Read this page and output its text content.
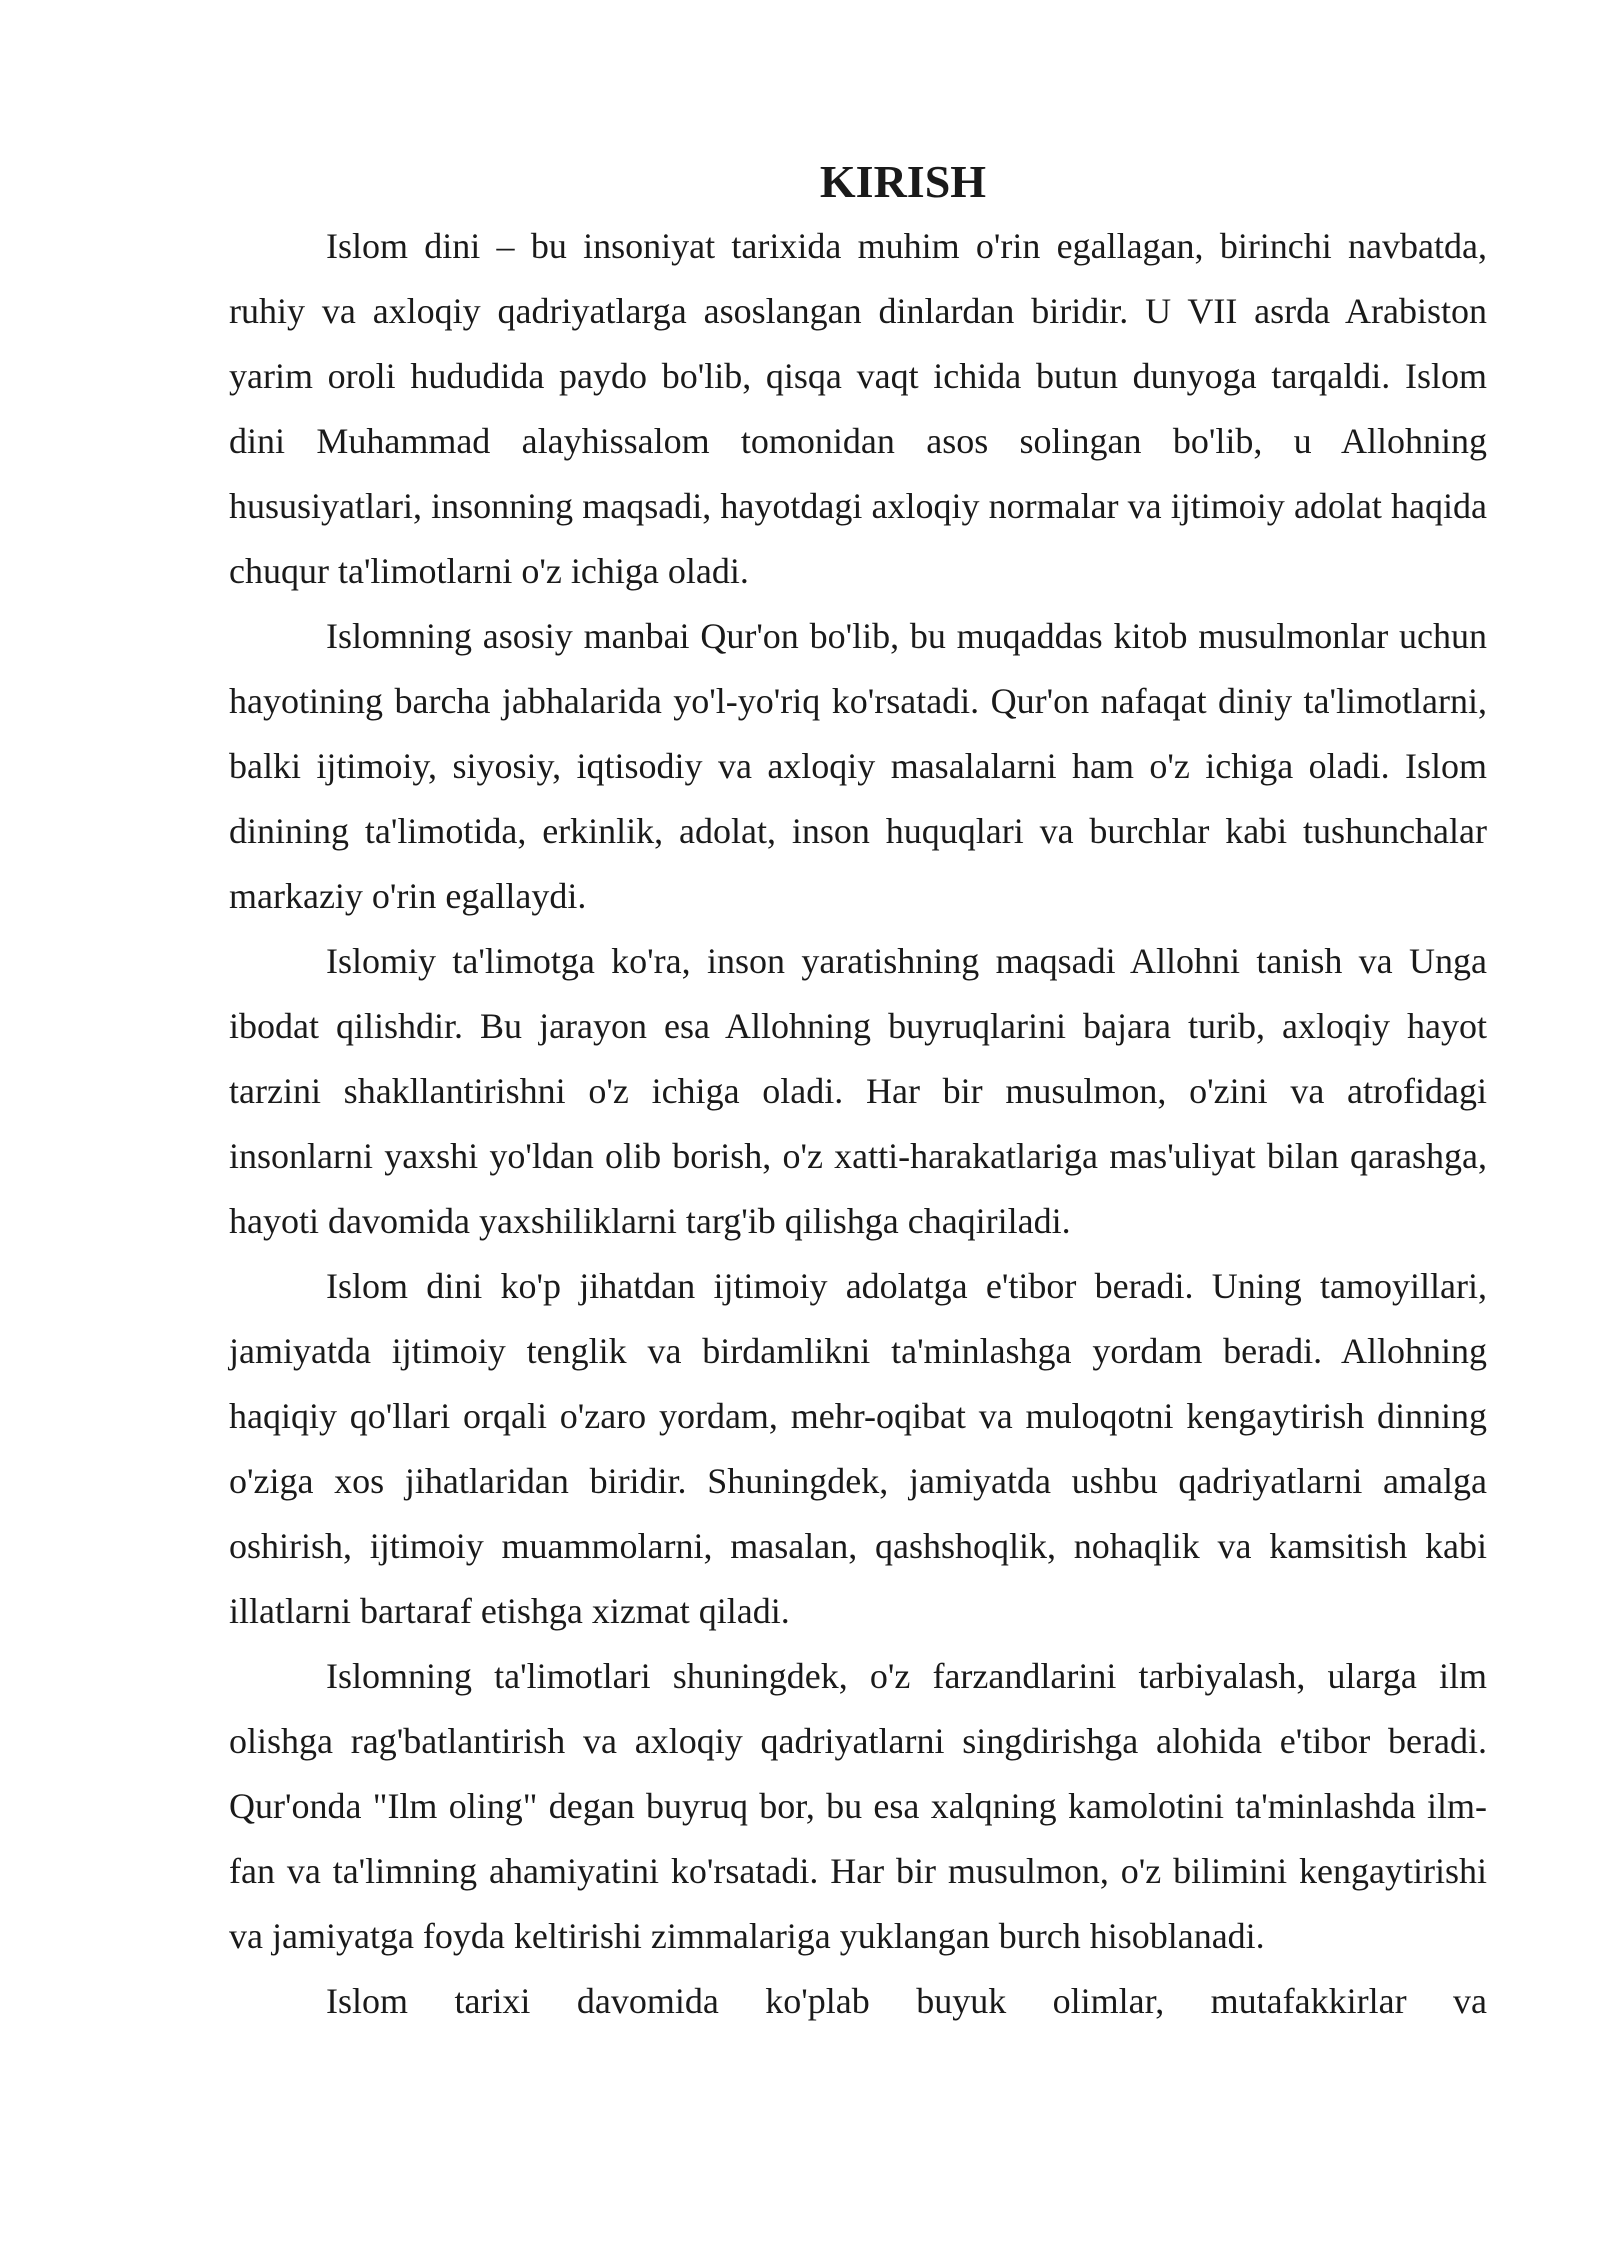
KIRISH

Islom dini – bu insoniyat tarixida muhim o'rin egallagan, birinchi navbatda, ruhiy va axloqiy qadriyatlarga asoslangan dinlardan biridir. U VII asrda Arabiston yarim oroli hududida paydo bo'lib, qisqa vaqt ichida butun dunyoga tarqaldi. Islom dini Muhammad alayhissalom tomonidan asos solingan bo'lib, u Allohning hususiyatlari, insonning maqsadi, hayotdagi axloqiy normalar va ijtimoiy adolat haqida chuqur ta'limotlarni o'z ichiga oladi.

Islomning asosiy manbai Qur'on bo'lib, bu muqaddas kitob musulmonlar uchun hayotining barcha jabhalarida yo'l-yo'riq ko'rsatadi. Qur'on nafaqat diniy ta'limotlarni, balki ijtimoiy, siyosiy, iqtisodiy va axloqiy masalalarni ham o'z ichiga oladi. Islom dinining ta'limotida, erkinlik, adolat, inson huquqlari va burchlar kabi tushunchalar markaziy o'rin egallaydi.

Islomiy ta'limotga ko'ra, inson yaratishning maqsadi Allohni tanish va Unga ibodat qilishdir. Bu jarayon esa Allohning buyruqlarini bajara turib, axloqiy hayot tarzini shakllantirishni o'z ichiga oladi. Har bir musulmon, o'zini va atrofidagi insonlarni yaxshi yo'ldan olib borish, o'z xatti-harakatlariga mas'uliyat bilan qarashga, hayoti davomida yaxshiliklarni targ'ib qilishga chaqiriladi.

Islom dini ko'p jihatdan ijtimoiy adolatga e'tibor beradi. Uning tamoyillari, jamiyatda ijtimoiy tenglik va birdamlikni ta'minlashga yordam beradi. Allohning haqiqiy qo'llari orqali o'zaro yordam, mehr-oqibat va muloqotni kengaytirish dinning o'ziga xos jihatlaridan biridir. Shuningdek, jamiyatda ushbu qadriyatlarni amalga oshirish, ijtimoiy muammolarni, masalan, qashshoqlik, nohaqlik va kamsitish kabi illatlarni bartaraf etishga xizmat qiladi.

Islomning ta'limotlari shuningdek, o'z farzandlarini tarbiyalash, ularga ilm olishga rag'batlantirish va axloqiy qadriyatlarni singdirishga alohida e'tibor beradi. Qur'onda "Ilm oling" degan buyruq bor, bu esa xalqning kamolotini ta'minlashda ilm-fan va ta'limning ahamiyatini ko'rsatadi. Har bir musulmon, o'z bilimini kengaytirishi va jamiyatga foyda keltirishi zimmalariga yuklangan burch hisoblanadi.

Islom tarixi davomida ko'plab buyuk olimlar, mutafakkirlar va
